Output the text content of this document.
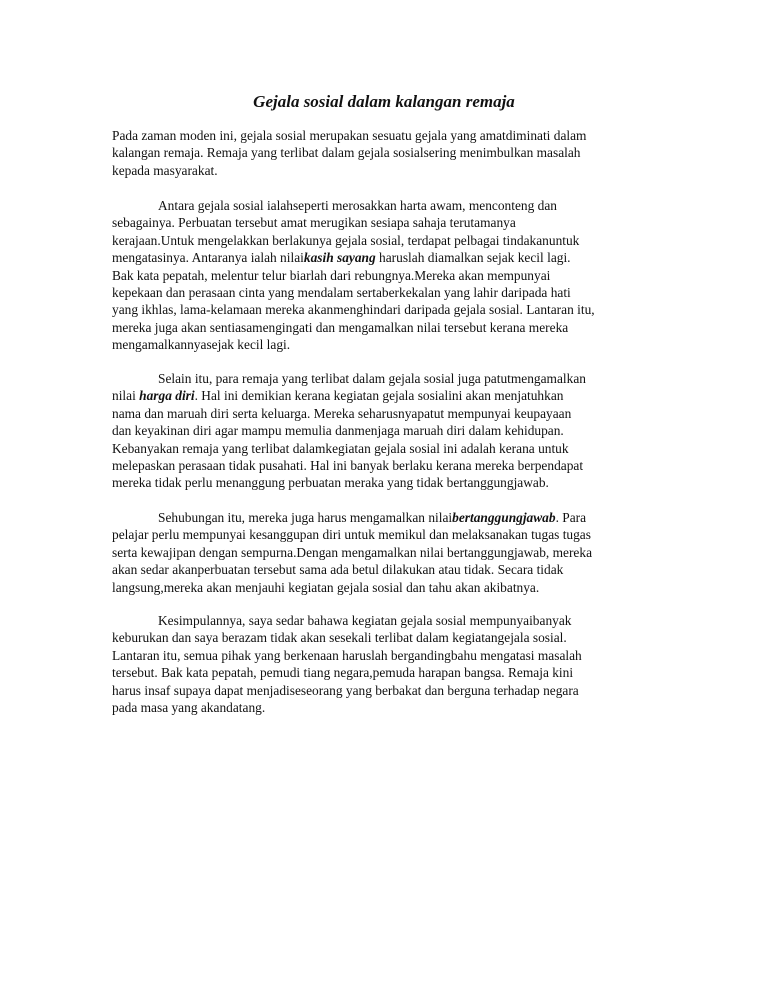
Gejala sosial dalam kalangan remaja
Pada zaman moden ini, gejala sosial merupakan sesuatu gejala yang amatdiminati dalam
kalangan remaja. Remaja yang terlibat dalam gejala sosialsering menimbulkan masalah
kepada masyarakat.
Antara gejala sosial ialahseperti merosakkan harta awam, menconteng dan
sebagainya. Perbuatan tersebut amat merugikan sesiapa sahaja terutamanya
kerajaan.Untuk mengelakkan berlakunya gejala sosial, terdapat pelbagai tindakanuntuk
mengatasinya. Antaranya ialah nilaikasih sayang haruslah diamalkan sejak kecil lagi.
Bak kata pepatah, melentur telur biarlah dari rebungnya.Mereka akan mempunyai
kepekaan dan perasaan cinta yang mendalam sertaberkekalan yang lahir daripada hati
yang ikhlas, lama-kelamaan mereka akanmenghindari daripada gejala sosial. Lantaran itu,
mereka juga akan sentiasamengingati dan mengamalkan nilai tersebut kerana mereka
mengamalkannyasejak kecil lagi.
Selain itu, para remaja yang terlibat dalam gejala sosial juga patutmengamalkan
nilai harga diri. Hal ini demikian kerana kegiatan gejala sosialini akan menjatuhkan
nama dan maruah diri serta keluarga. Mereka seharusnyapatut mempunyai keupayaan
dan keyakinan diri agar mampu memulia danmenjaga maruah diri dalam kehidupan.
Kebanyakan remaja yang terlibat dalamkegiatan gejala sosial ini adalah kerana untuk
melepaskan perasaan tidak pusahati. Hal ini banyak berlaku kerana mereka berpendapat
mereka tidak perlu menanggung perbuatan meraka yang tidak bertanggungjawab.
Sehubungan itu, mereka juga harus mengamalkan nilaibertanggungjawab. Para
pelajar perlu mempunyai kesanggupan diri untuk memikul dan melaksanakan tugas tugas
serta kewajipan dengan sempurna.Dengan mengamalkan nilai bertanggungjawab, mereka
akan sedar akanperbuatan tersebut sama ada betul dilakukan atau tidak. Secara tidak
langsung,mereka akan menjauhi kegiatan gejala sosial dan tahu akan akibatnya.
Kesimpulannya, saya sedar bahawa kegiatan gejala sosial mempunyaibanyak
keburukan dan saya berazam tidak akan sesekali terlibat dalam kegiatangejala sosial.
Lantaran itu, semua pihak yang berkenaan haruslah bergandingbahu mengatasi masalah
tersebut. Bak kata pepatah, pemudi tiang negara,pemuda harapan bangsa. Remaja kini
harus insaf supaya dapat menjadiseseorang yang berbakat dan berguna terhadap negara
pada masa yang akandatang.
